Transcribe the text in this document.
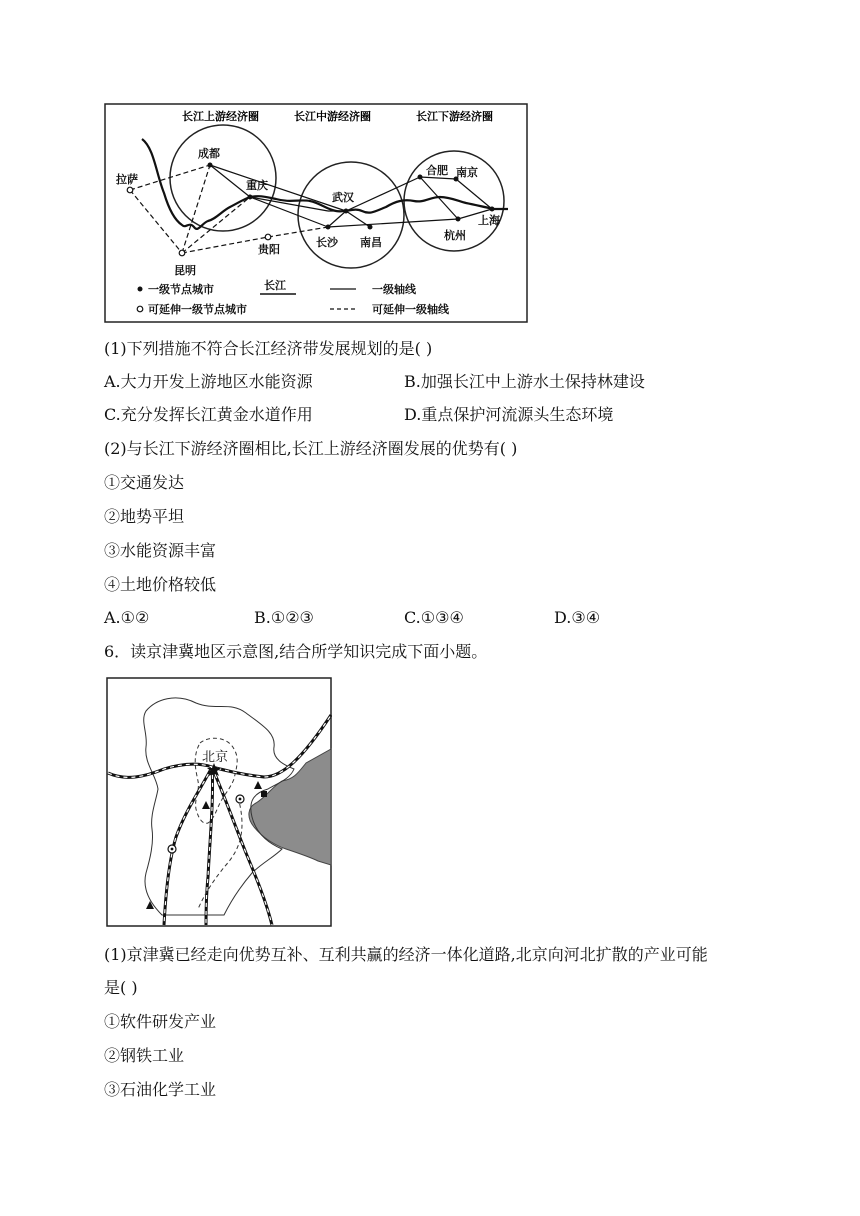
长江上游经济圈	长江中游经济圈	长江下游经济圈
拉萨
成都
重庆
昆明
贵阳
武汉
长沙 南昌
合肥 南京
上海
杭州
一级节点城市
可延伸一级节点城市
长江	一级轴线
可延伸一级轴线
(1)下列措施不符合长江经济带发展规划的是( )
A.大力开发上游地区水能资源	B.加强长江中上游水土保持林建设
C.充分发挥长江黄金水道作用	D.重点保护河流源头生态环境
(2)与长江下游经济圈相比,长江上游经济圈发展的优势有( )
①交通发达
②地势平坦
③水能资源丰富
④土地价格较低
A.①②	B.①②③	C.①③④	D.③④
6．读京津冀地区示意图,结合所学知识完成下面小题。
北京
(1)京津冀已经走向优势互补、互利共赢的经济一体化道路,北京向河北扩散的产业可能
是( )
①软件研发产业
②钢铁工业
③石油化学工业
